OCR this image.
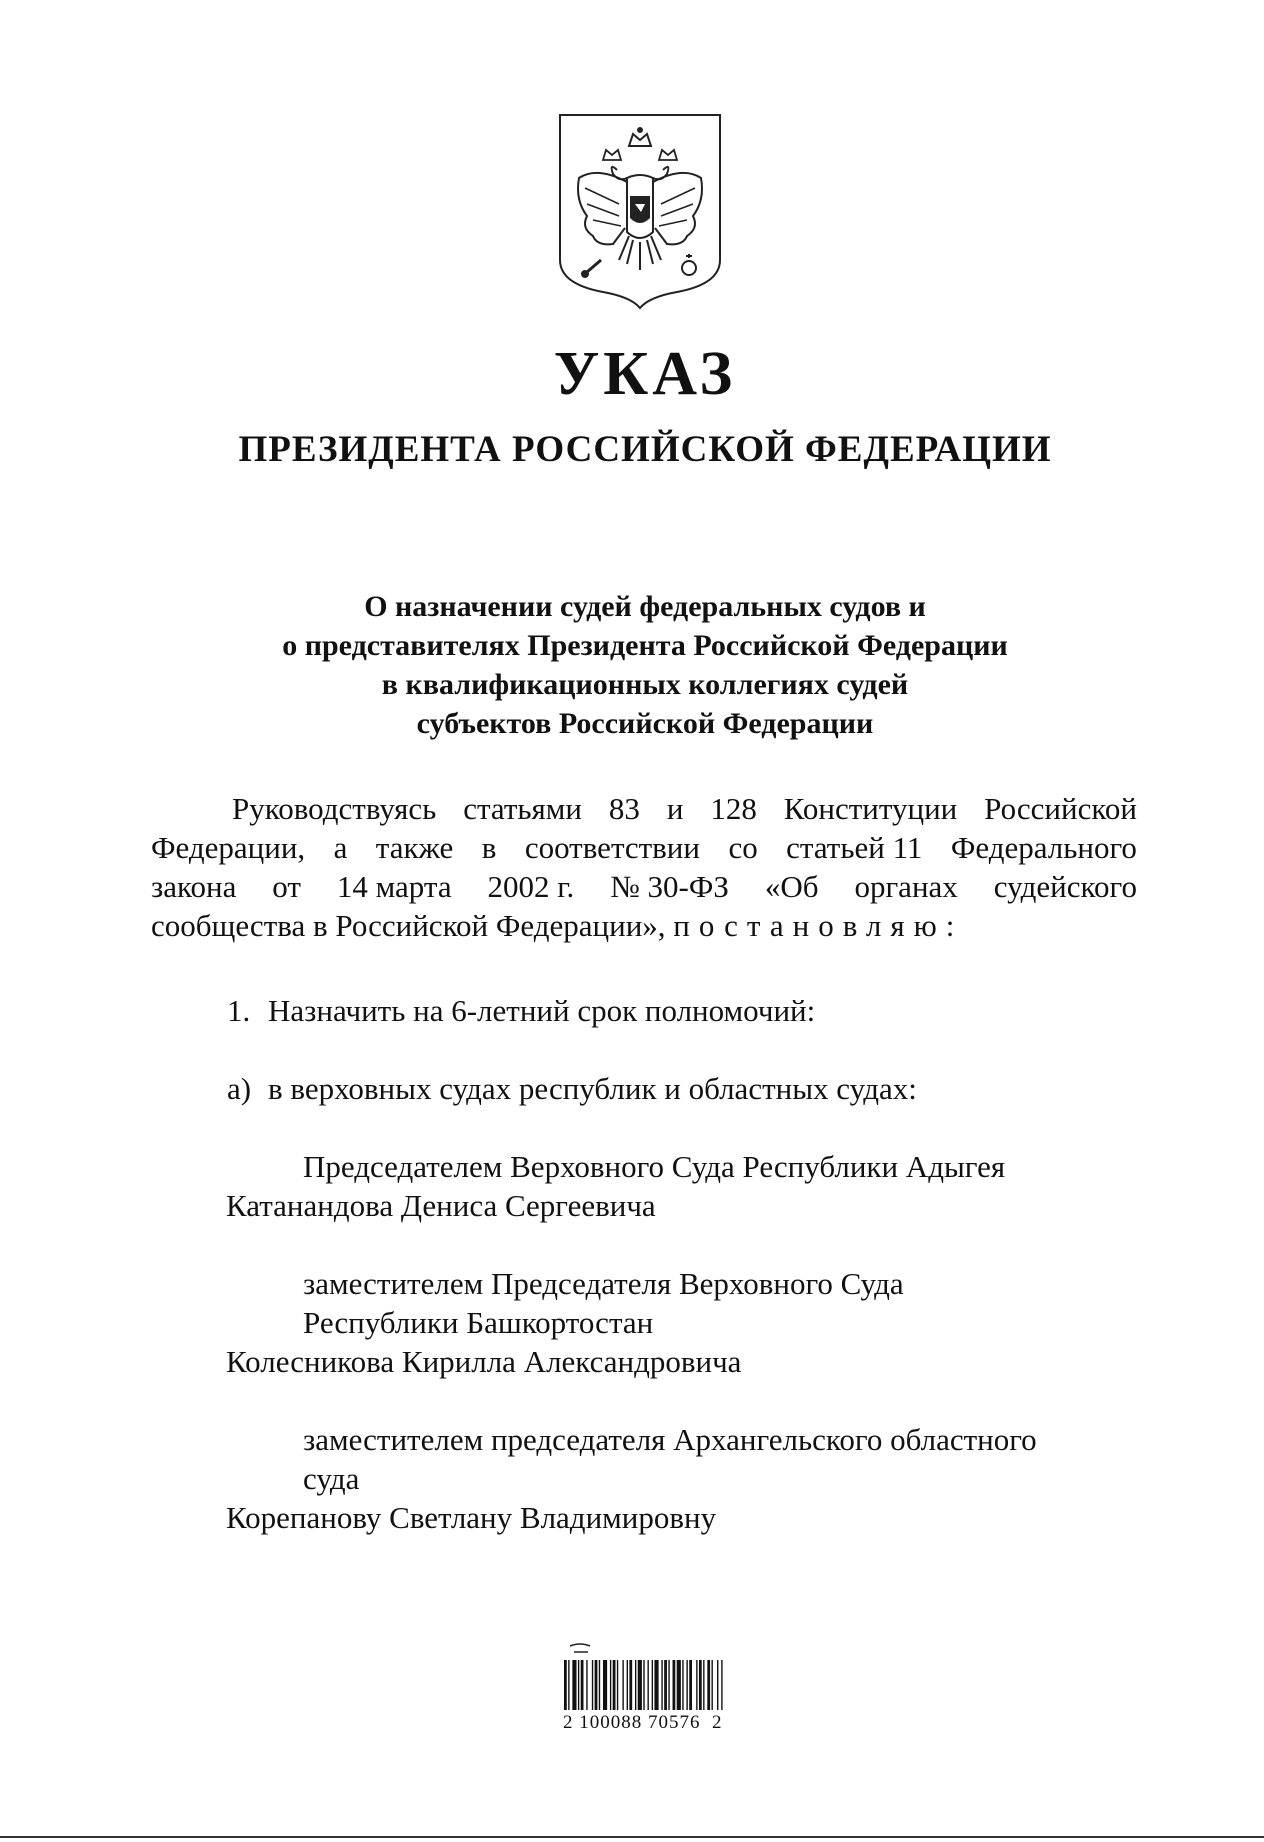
УКАЗ
ПРЕЗИДЕНТА РОССИЙСКОЙ ФЕДЕРАЦИИ
О назначении судей федеральных судов и
о представителях Президента Российской Федерации
в квалификационных коллегиях судей
субъектов Российской Федерации
Руководствуясь статьями 83 и 128 Конституции Российской
Федерации, а также в соответствии со статьей 11 Федерального
закона от 14 марта 2002 г. № 30-ФЗ «Об органах судейского
сообщества в Российской Федерации», постановляю:
1. Назначить на 6-летний срок полномочий:
а) в верховных судах республик и областных судах:
Председателем Верховного Суда Республики Адыгея
Катанандова Дениса Сергеевича
заместителем Председателя Верховного Суда
Республики Башкортостан
Колесникова Кирилла Александровича
заместителем председателя Архангельского областного
суда
Корепанову Светлану Владимировну
2 100088 70576  2
